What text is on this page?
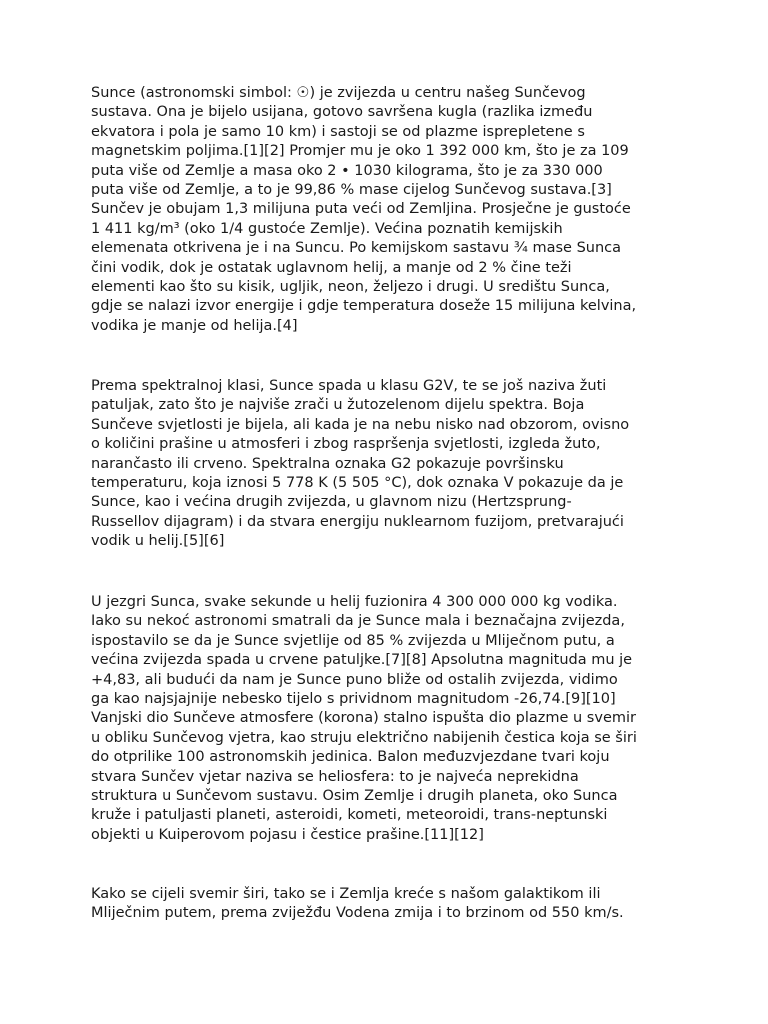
Sunce (astronomski simbol: ☉) je zvijezda u centru našeg Sunčevog
sustava. Ona je bijelo usijana, gotovo savršena kugla (razlika između
ekvatora i pola je samo 10 km) i sastoji se od plazme isprepletene s
magnetskim poljima.[1][2] Promjer mu je oko 1 392 000 km, što je za 109
puta više od Zemlje a masa oko 2 • 1030 kilograma, što je za 330 000
puta više od Zemlje, a to je 99,86 % mase cijelog Sunčevog sustava.[3]
Sunčev je obujam 1,3 milijuna puta veći od Zemljina. Prosječne je gustoće
1 411 kg/m³ (oko 1/4 gustoće Zemlje). Većina poznatih kemijskih
elemenata otkrivena je i na Suncu. Po kemijskom sastavu ¾ mase Sunca
čini vodik, dok je ostatak uglavnom helij, a manje od 2 % čine teži
elementi kao što su kisik, ugljik, neon, željezo i drugi. U središtu Sunca,
gdje se nalazi izvor energije i gdje temperatura doseže 15 milijuna kelvina,
vodika je manje od helija.[4]

Prema spektralnoj klasi, Sunce spada u klasu G2V, te se još naziva žuti
patuljak, zato što je najviše zrači u žutozelenom dijelu spektra. Boja
Sunčeve svjetlosti je bijela, ali kada je na nebu nisko nad obzorom, ovisno
o količini prašine u atmosferi i zbog raspršenja svjetlosti, izgleda žuto,
narančasto ili crveno. Spektralna oznaka G2 pokazuje površinsku
temperaturu, koja iznosi 5 778 K (5 505 °C), dok oznaka V pokazuje da je
Sunce, kao i većina drugih zvijezda, u glavnom nizu (Hertzsprung-
Russellov dijagram) i da stvara energiju nuklearnom fuzijom, pretvarajući
vodik u helij.[5][6]

U jezgri Sunca, svake sekunde u helij fuzionira 4 300 000 000 kg vodika.
Iako su nekoć astronomi smatrali da je Sunce mala i beznačajna zvijezda,
ispostavilo se da je Sunce svjetlije od 85 % zvijezda u Mliječnom putu, a
većina zvijezda spada u crvene patuljke.[7][8] Apsolutna magnituda mu je
+4,83, ali budući da nam je Sunce puno bliže od ostalih zvijezda, vidimo
ga kao najsjajnije nebesko tijelo s prividnom magnitudom -26,74.[9][10]
Vanjski dio Sunčeve atmosfere (korona) stalno ispušta dio plazme u svemir
u obliku Sunčevog vjetra, kao struju električno nabijenih čestica koja se širi
do otprilike 100 astronomskih jedinica. Balon međuzvjezdane tvari koju
stvara Sunčev vjetar naziva se heliosfera: to je najveća neprekidna
struktura u Sunčevom sustavu. Osim Zemlje i drugih planeta, oko Sunca
kruže i patuljasti planeti, asteroidi, kometi, meteoroidi, trans-neptunski
objekti u Kuiperovom pojasu i čestice prašine.[11][12]

Kako se cijeli svemir širi, tako se i Zemlja kreće s našom galaktikom ili
Mliječnim putem, prema zviježđu Vodena zmija i to brzinom od 550 km/s.
